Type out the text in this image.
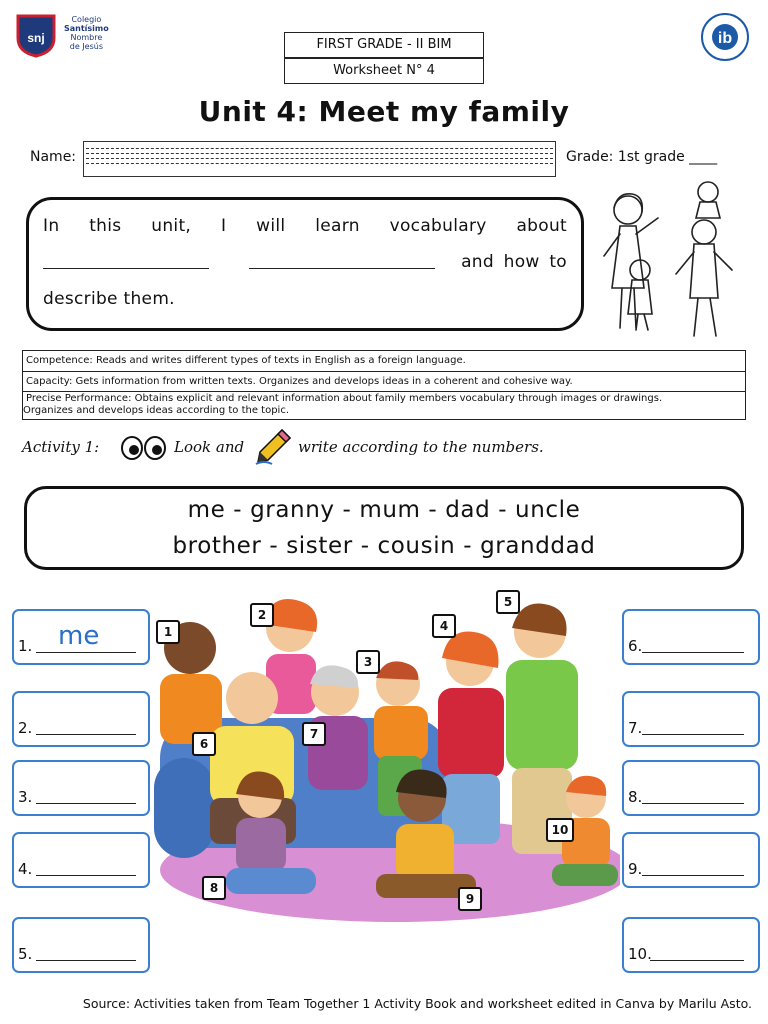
snj
Colegio
Santísimo
Nombre
de Jesús	ib
FIRST GRADE - II BIM
Worksheet N° 4
Unit 4: Meet my family
Name:	Grade: 1st grade ____
In this unit, I will learn vocabulary about

and how to
describe them.
Competence: Reads and writes different types of texts in English as a foreign language.
Capacity: Gets information from written texts. Organizes and develops ideas in a coherent and cohesive way.
Precise Performance: Obtains explicit and relevant information about family members vocabulary through images or drawings.
Organizes and develops ideas according to the topic.
Activity 1:	Look and	write according to the numbers.
me - granny - mum - dad - uncle
brother - sister - cousin - granddad
1
2
3
4
5
6
7
8
9
10
1. me
2.
3.
4.
5.
6.
7.
8.
9.
10.
Source: Activities taken from Team Together 1 Activity Book and worksheet edited in Canva by Marilu Asto.
